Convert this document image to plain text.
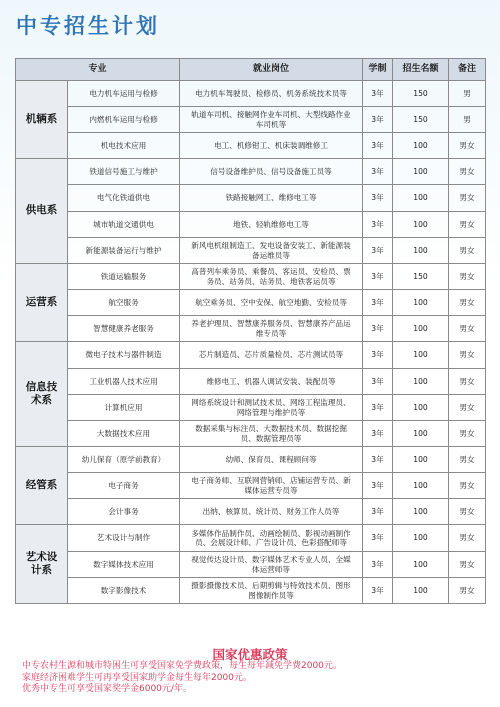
中专招生计划
专业		就业岗位	学制	招生名额	备注
机辆系	电力机车运用与检修	电力机车驾驶员、检修员、机务系统技术员等	3年	150	男
	内燃机车运用与检修	轨道车司机、接触网作业车司机、大型线路作业车司机等	3年	150	男
	机电技术应用	电工、机修钳工、机床装调维修工	3年	100	男女
供电系	铁道信号施工与维护	信号设备维护员、信号设备施工员等	3年	100	男女
	电气化铁道供电	铁路接触网工、维修电工等	3年	100	男女
	城市轨道交通供电	地铁、轻轨维修电工等	3年	100	男女
	新能源装备运行与维护	新风电机组制造工、发电设备安装工、新能源装备运维员等	3年	100	男女
运营系	铁道运输服务	高普列车乘务员、乘餐员、客运员、安检员、票务员、站务员、站务员、地铁客运员等	3年	150	男女
	航空服务	航空乘务员、空中安保、航空地勤、安检员等	3年	100	男女
	智慧健康养老服务	养老护理员、智慧康养服务员、智慧康养产品运维专员等	3年	100	男女
信息技术系	微电子技术与器件制造	芯片制造员、芯片质量检员、芯片测试员等	3年	100	男女
	工业机器人技术应用	维修电工、机器人调试安装、装配员等	3年	100	男女
	计算机应用	网络系统设计和测试技术员、网络工程监理员、网络管理与维护员等	3年	100	男女
	大数据技术应用	数据采集与标注员、大数据技术员、数据挖掘员、数据管理员等	3年	100	男女
经管系	幼儿保育（原学前教育）	幼师、保育员、课程顾问等	3年	100	男女
	电子商务	电子商务师、互联网营销师、店铺运营专员、新媒体运营专员等	3年	100	男女
	会计事务	出纳、核算员、统计员、财务工作人员等	3年	100	男女
艺术设计系	艺术设计与制作	多媒体作品制作员、动画绘制员、影视动画制作员、会展设计师、广告设计员、色彩搭配师等	3年	100	男女
	数字媒体技术应用	视觉传达设计员、数字媒体艺术专业人员、全媒体运营师等	3年	100	男女
	数字影像技术	摄影摄像技术员、后期剪辑与特效技术员、图形图像制作员等	3年	100	男女
国家优惠政策
中专农村生源和城市特困生可享受国家免学费政策，每生每年减免学费2000元。
家庭经济困难学生可再享受国家助学金每生每年2000元。
优秀中专生可享受国家奖学金6000元/年。
